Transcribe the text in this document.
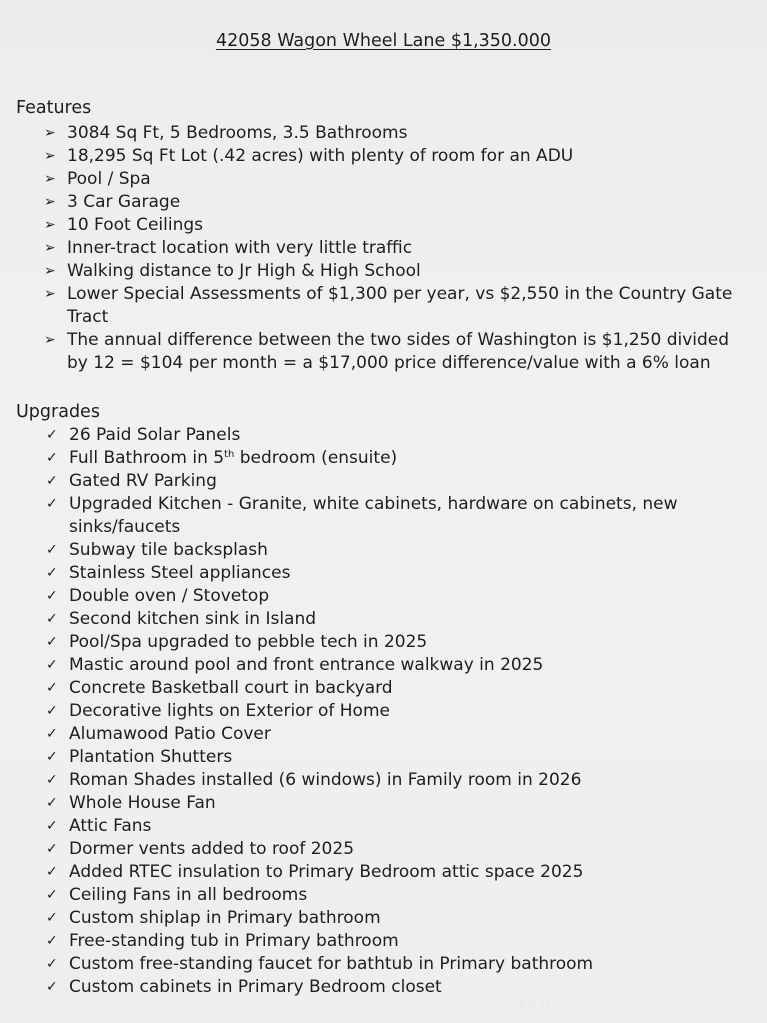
42058 Wagon Wheel Lane $1,350.000
Features
➢ 3084 Sq Ft, 5 Bedrooms, 3.5 Bathrooms
➢ 18,295 Sq Ft Lot (.42 acres) with plenty of room for an ADU
➢ Pool / Spa
➢ 3 Car Garage
➢ 10 Foot Ceilings
➢ Inner-tract location with very little traffic
➢ Walking distance to Jr High & High School
➢ Lower Special Assessments of $1,300 per year, vs $2,550 in the Country Gate Tract
➢ The annual difference between the two sides of Washington is $1,250 divided by 12 = $104 per month = a $17,000 price difference/value with a 6% loan
Upgrades
✓ 26 Paid Solar Panels
✓ Full Bathroom in 5th bedroom (ensuite)
✓ Gated RV Parking
✓ Upgraded Kitchen - Granite, white cabinets, hardware on cabinets, new sinks/faucets
✓ Subway tile backsplash
✓ Stainless Steel appliances
✓ Double oven / Stovetop
✓ Second kitchen sink in Island
✓ Pool/Spa upgraded to pebble tech in 2025
✓ Mastic around pool and front entrance walkway in 2025
✓ Concrete Basketball court in backyard
✓ Decorative lights on Exterior of Home
✓ Alumawood Patio Cover
✓ Plantation Shutters
✓ Roman Shades installed (6 windows) in Family room in 2026
✓ Whole House Fan
✓ Attic Fans
✓ Dormer vents added to roof 2025
✓ Added RTEC insulation to Primary Bedroom attic space 2025
✓ Ceiling Fans in all bedrooms
✓ Custom shiplap in Primary bathroom
✓ Free-standing tub in Primary bathroom
✓ Custom free-standing faucet for bathtub in Primary bathroom
✓ Custom cabinets in Primary Bedroom closet
CRMLS
